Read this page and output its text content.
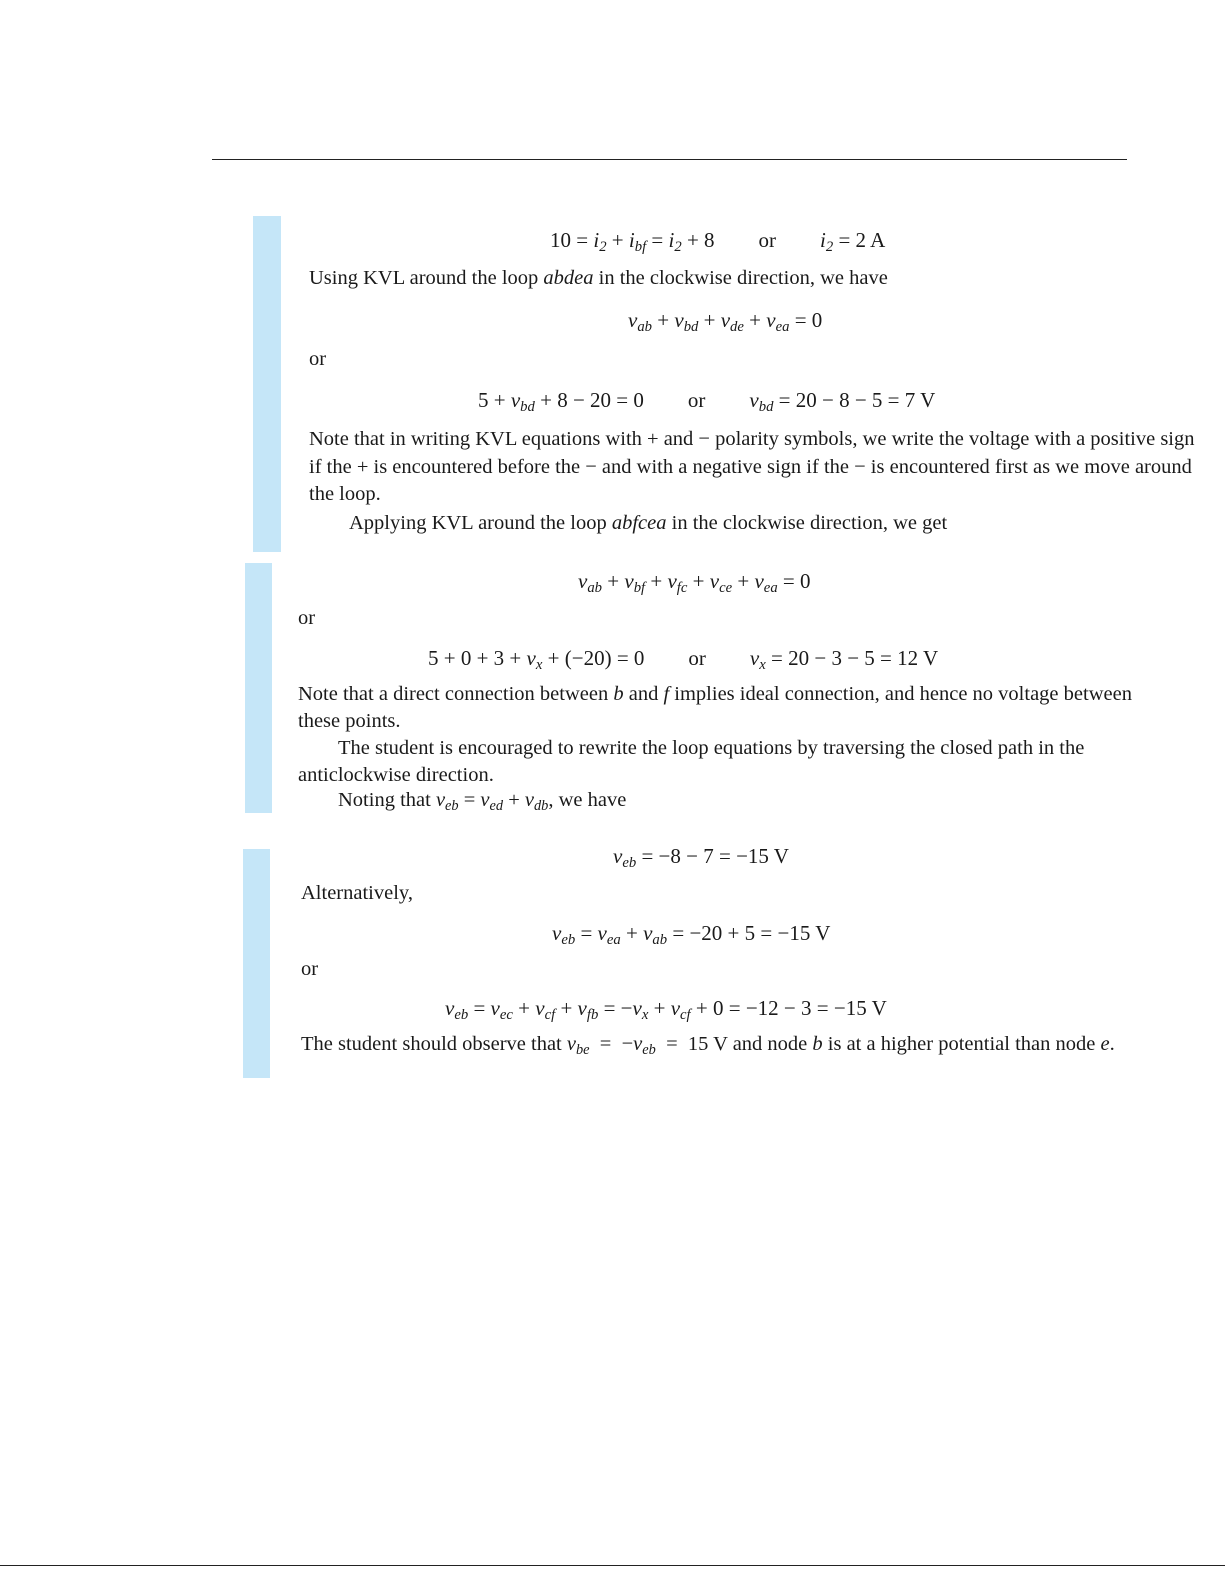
$10 = i_2 + i_{bf} = i_2 + 8$ or $i_2 = 2$ A
Using KVL around the loop abdea in the clockwise direction, we have
$v_{ab} + v_{bd} + v_{de} + v_{ea} = 0$
or
$5 + v_{bd} + 8 - 20 = 0$ or $v_{bd} = 20 - 8 - 5 = 7$ V
Note that in writing KVL equations with + and − polarity symbols, we write the voltage with a positive sign if the + is encountered before the − and with a negative sign if the − is encountered first as we move around the loop.
Applying KVL around the loop abfcea in the clockwise direction, we get
$v_{ab} + v_{bf} + v_{fc} + v_{ce} + v_{ea} = 0$
or
$5 + 0 + 3 + v_x + (-20) = 0$ or $v_x = 20 - 3 - 5 = 12$ V
Note that a direct connection between b and f implies ideal connection, and hence no voltage between these points.
The student is encouraged to rewrite the loop equations by traversing the closed path in the anticlockwise direction.
Noting that $v_{eb} = v_{ed} + v_{db}$, we have
$v_{eb} = -8 - 7 = -15$ V
Alternatively,
$v_{eb} = v_{ea} + v_{ab} = -20 + 5 = -15$ V
or
$v_{eb} = v_{ec} + v_{cf} + v_{fb} = -v_x + v_{cf} + 0 = -12 - 3 = -15$ V
The student should observe that $v_{be} = -v_{eb} = 15$ V and node b is at a higher potential than node e.
